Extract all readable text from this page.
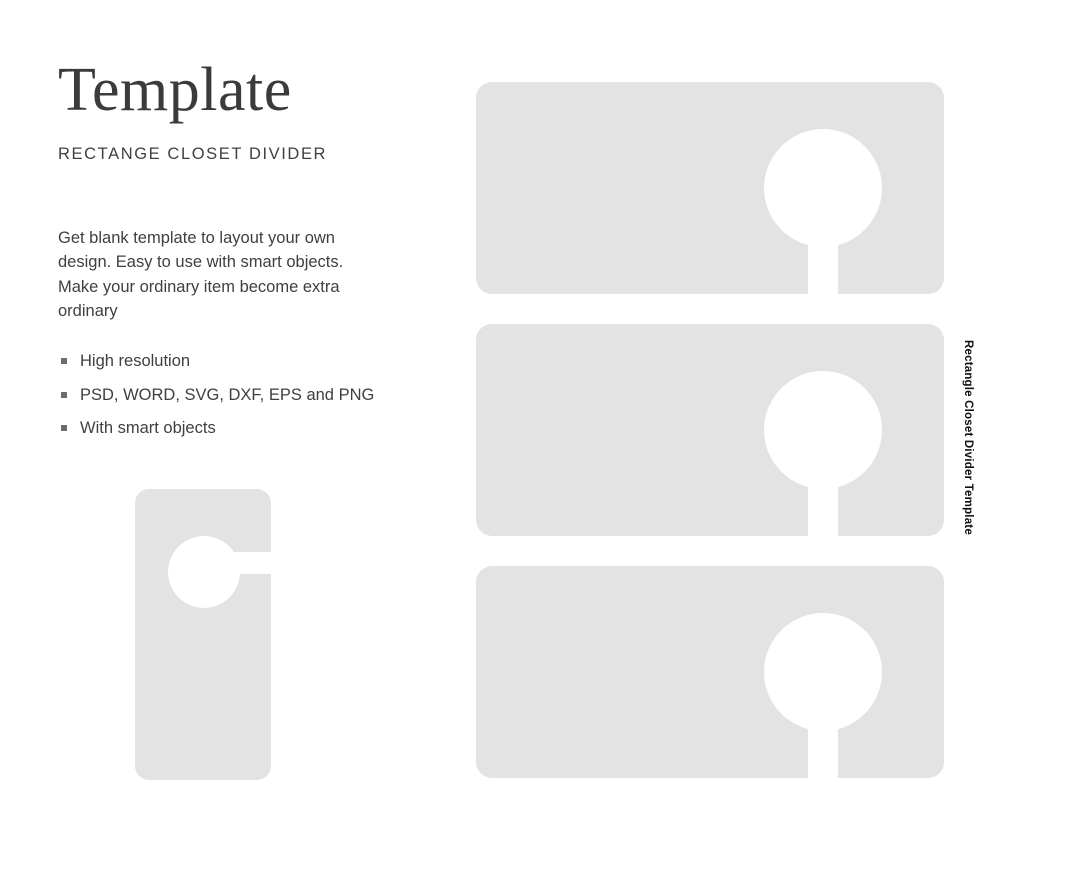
Template

RECTANGE CLOSET DIVIDER

Get blank template to layout your own design. Easy to use with smart objects. Make your ordinary item become extra ordinary

High resolution
PSD, WORD, SVG, DXF, EPS and PNG
With smart objects	Rectangle Closet Divider Template
